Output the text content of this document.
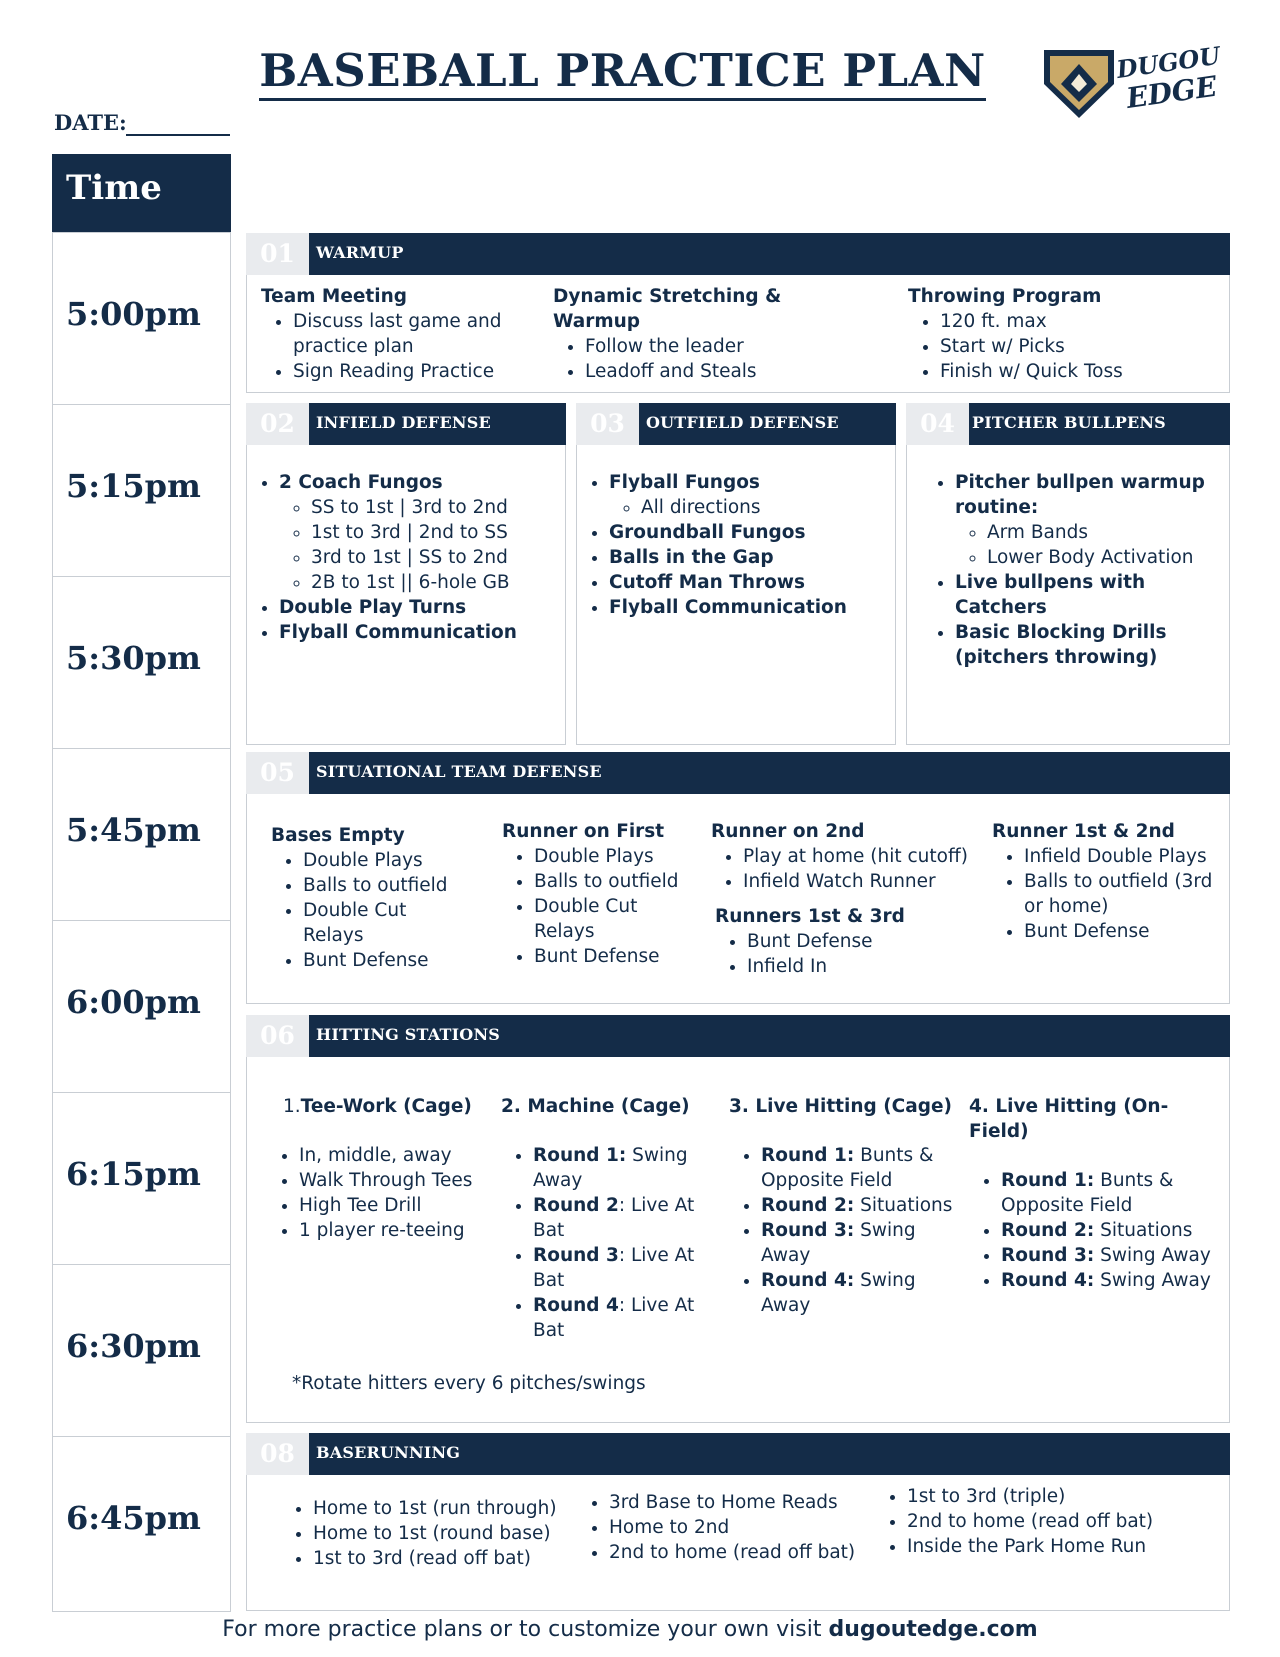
BASEBALL PRACTICE PLAN
DATE:
DUGOUT
EDGE
Time
5:00pm
5:15pm
5:30pm
5:45pm
6:00pm
6:15pm
6:30pm
6:45pm
01	WARMUP
Team Meeting
• Discuss last game and practice plan
• Sign Reading Practice
Dynamic Stretching & Warmup
• Follow the leader
• Leadoff and Steals
Throwing Program
• 120 ft. max
• Start w/ Picks
• Finish w/ Quick Toss
02	INFIELD DEFENSE
• 2 Coach Fungos
◦ SS to 1st | 3rd to 2nd
◦ 1st to 3rd | 2nd to SS
◦ 3rd to 1st | SS to 2nd
◦ 2B to 1st || 6-hole GB
• Double Play Turns
• Flyball Communication
03	OUTFIELD DEFENSE
• Flyball Fungos
◦ All directions
• Groundball Fungos
• Balls in the Gap
• Cutoff Man Throws
• Flyball Communication
04	PITCHER BULLPENS
• Pitcher bullpen warmup routine:
◦ Arm Bands
◦ Lower Body Activation
• Live bullpens with Catchers
• Basic Blocking Drills (pitchers throwing)
05	SITUATIONAL TEAM DEFENSE
Bases Empty
• Double Plays
• Balls to outfield
• Double Cut Relays
• Bunt Defense
Runner on First
• Double Plays
• Balls to outfield
• Double Cut Relays
• Bunt Defense
Runner on 2nd
• Play at home (hit cutoff)
• Infield Watch Runner
Runners 1st & 3rd
• Bunt Defense
• Infield In
Runner 1st & 2nd
• Infield Double Plays
• Balls to outfield (3rd or home)
• Bunt Defense
06	HITTING STATIONS
1.Tee-Work (Cage)
• In, middle, away
• Walk Through Tees
• High Tee Drill
• 1 player re-teeing
2. Machine (Cage)
• Round 1: Swing Away
• Round 2: Live At Bat
• Round 3: Live At Bat
• Round 4: Live At Bat
3. Live Hitting (Cage)
• Round 1: Bunts & Opposite Field
• Round 2: Situations
• Round 3: Swing Away
• Round 4: Swing Away
4. Live Hitting (On-Field)
• Round 1: Bunts & Opposite Field
• Round 2: Situations
• Round 3: Swing Away
• Round 4: Swing Away
*Rotate hitters every 6 pitches/swings
08	BASERUNNING
• Home to 1st (run through)
• Home to 1st (round base)
• 1st to 3rd (read off bat)
• 3rd Base to Home Reads
• Home to 2nd
• 2nd to home (read off bat)
• 1st to 3rd (triple)
• 2nd to home (read off bat)
• Inside the Park Home Run
For more practice plans or to customize your own visit dugoutedge.com
